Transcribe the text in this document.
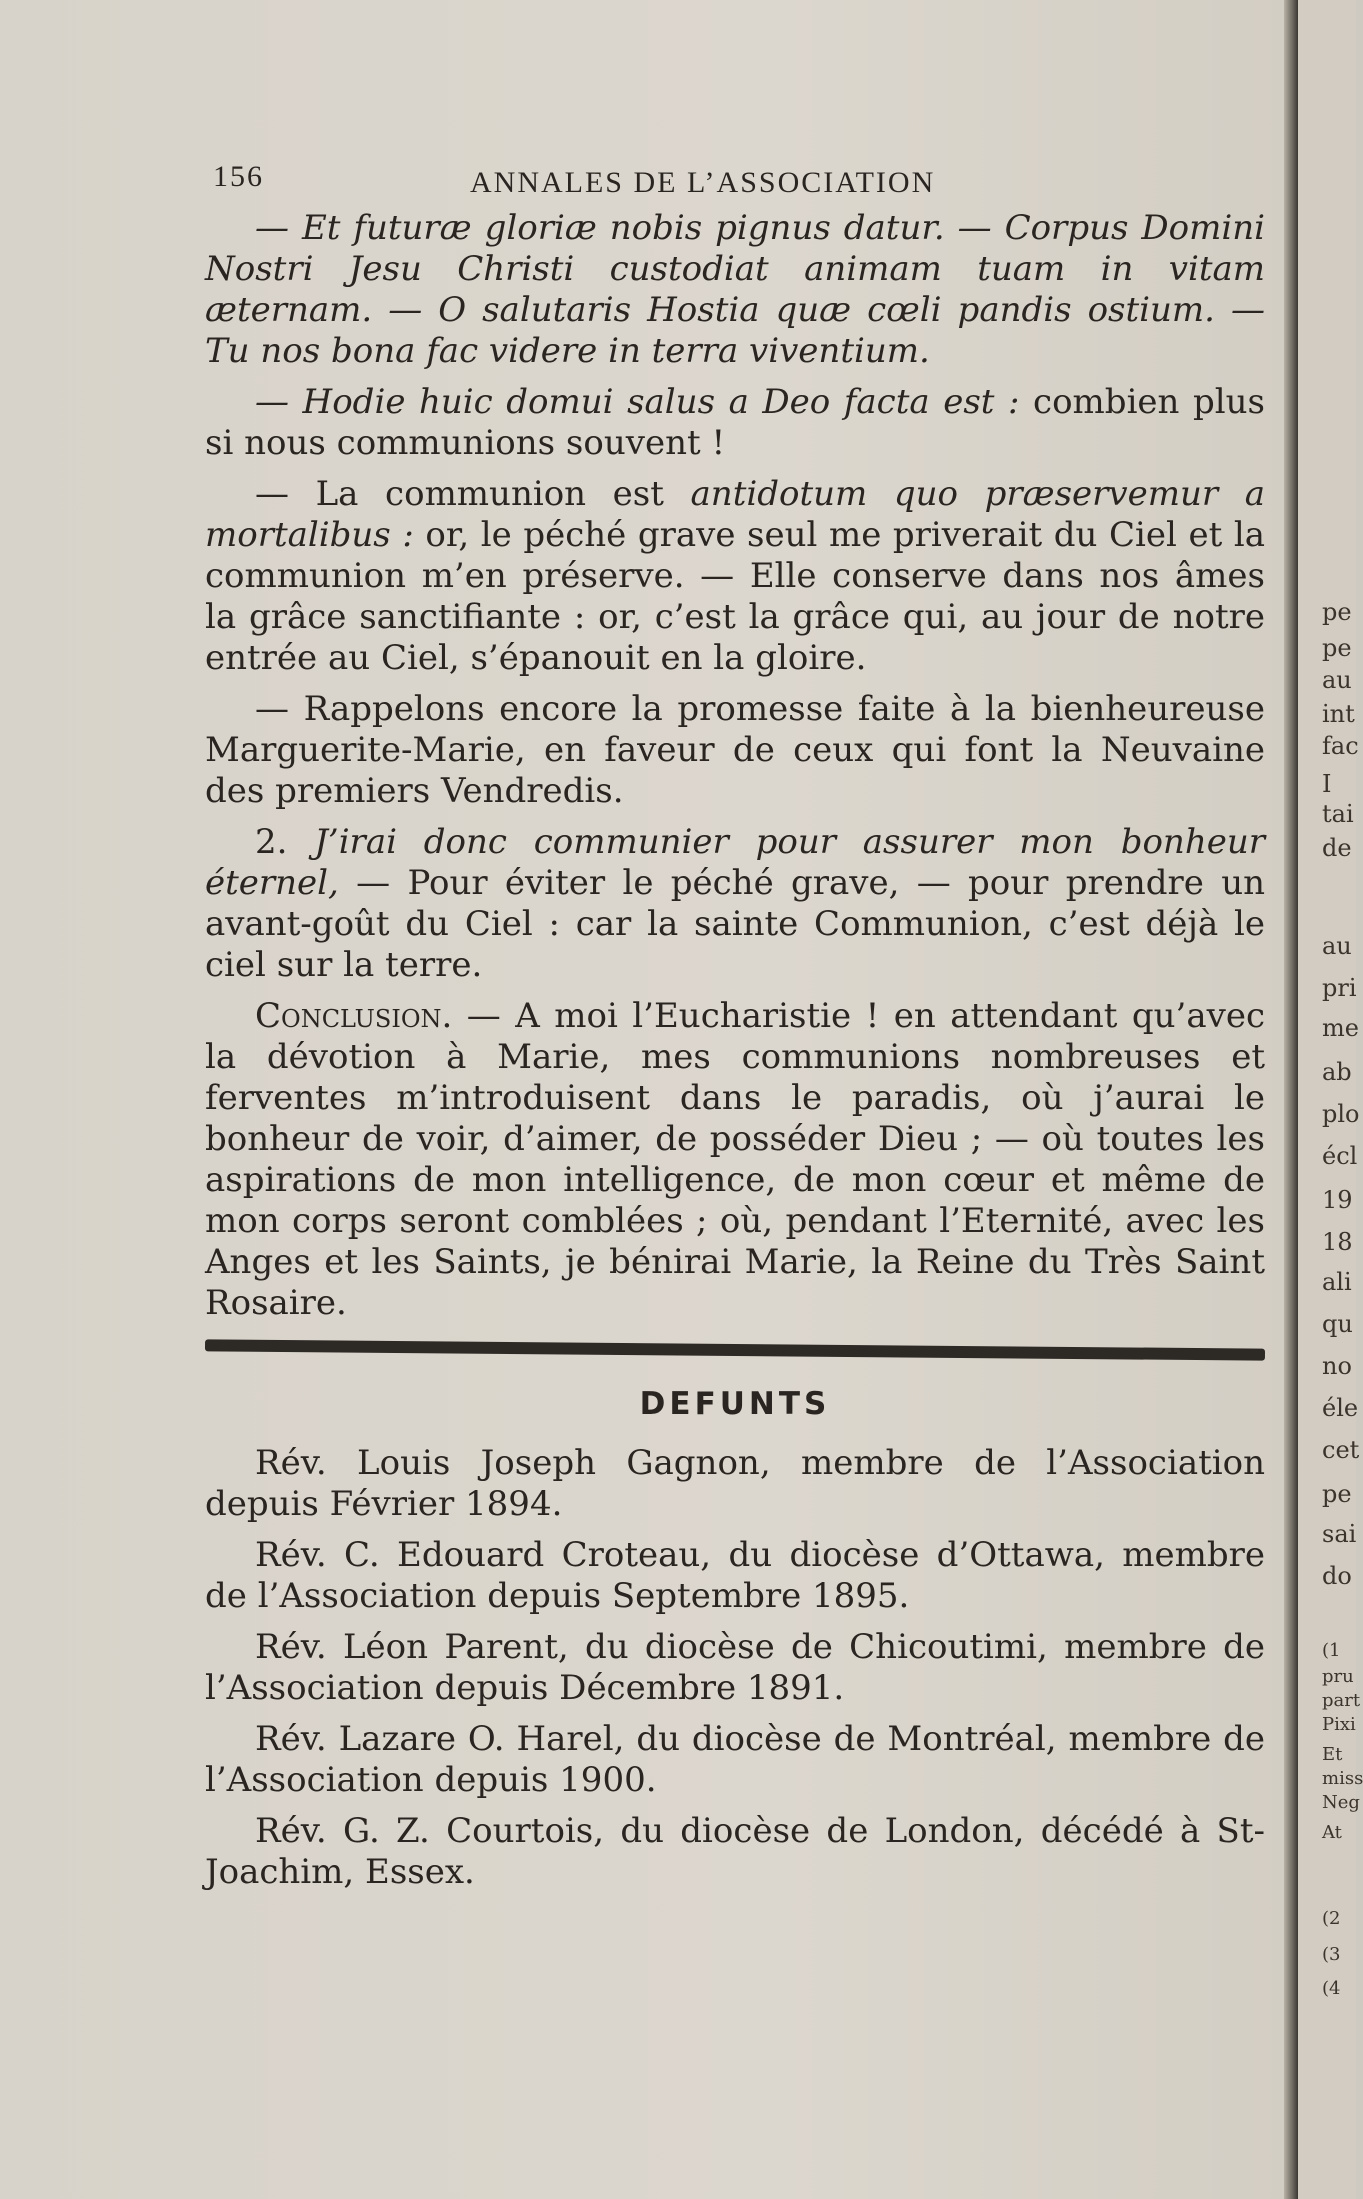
156	ANNALES DE L’ASSOCIATION

— Et futuræ gloriæ nobis pignus datur. — Corpus Domini Nostri Jesu Christi custodiat animam tuam in vitam æternam. — O salutaris Hostia quæ cœli pandis ostium. — Tu nos bona fac videre in terra viventium.

— Hodie huic domui salus a Deo facta est : combien plus si nous communions souvent !

— La communion est antidotum quo præservemur a mortalibus : or, le péché grave seul me priverait du Ciel et la communion m’en préserve. — Elle conserve dans nos âmes la grâce sanctifiante : or, c’est la grâce qui, au jour de notre entrée au Ciel, s’épanouit en la gloire.

— Rappelons encore la promesse faite à la bienheureuse Marguerite-Marie, en faveur de ceux qui font la Neuvaine des premiers Vendredis.

2. J’irai donc communier pour assurer mon bonheur éternel, — Pour éviter le péché grave, — pour prendre un avant-goût du Ciel : car la sainte Communion, c’est déjà le ciel sur la terre.

Conclusion. — A moi l’Eucharistie ! en attendant qu’avec la dévotion à Marie, mes communions nombreuses et ferventes m’introduisent dans le paradis, où j’aurai le bonheur de voir, d’aimer, de posséder Dieu ; — où toutes les aspirations de mon intelligence, de mon cœur et même de mon corps seront comblées ; où, pendant l’Eternité, avec les Anges et les Saints, je bénirai Marie, la Reine du Très Saint Rosaire.

DEFUNTS

Rév. Louis Joseph Gagnon, membre de l’Association depuis Février 1894.

Rév. C. Edouard Croteau, du diocèse d’Ottawa, membre de l’Association depuis Septembre 1895.

Rév. Léon Parent, du diocèse de Chicoutimi, membre de l’Association depuis Décembre 1891.

Rév. Lazare O. Harel, du diocèse de Montréal, membre de l’Association depuis 1900.

Rév. G. Z. Courtois, du diocèse de London, décédé à St-Joachim, Essex.

pe
pe
au
int
fac
I
tai
de
au
pri
me
ab
plo
écl
19
18
ali
qu
no
éle
cet
pe
sai
do
(1
pru
part
Pixi
Et
miss
Neg
At
(2
(3
(4
